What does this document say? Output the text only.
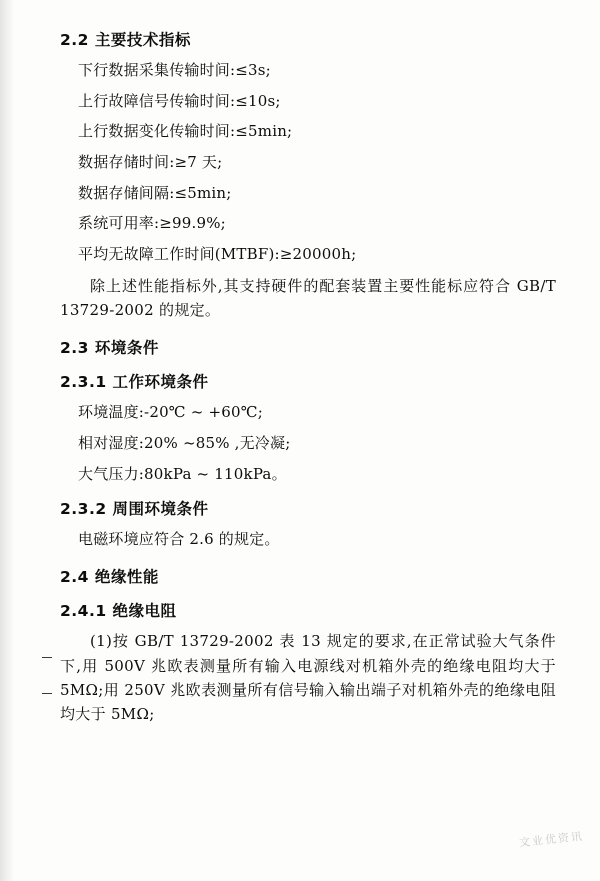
2.2 主要技术指标

下行数据采集传输时间:≤3s;

上行故障信号传输时间:≤10s;

上行数据变化传输时间:≤5min;

数据存储时间:≥7 天;

数据存储间隔:≤5min;

系统可用率:≥99.9%;

平均无故障工作时间(MTBF):≥20000h;

除上述性能指标外,其支持硬件的配套装置主要性能标应符合 GB/T 13729-2002 的规定。

2.3 环境条件
2.3.1 工作环境条件

环境温度:-20℃ ~ +60℃;

相对湿度:20% ~85% ,无冷凝;

大气压力:80kPa ~ 110kPa。

2.3.2 周围环境条件

电磁环境应符合 2.6 的规定。

2.4 绝缘性能
2.4.1 绝缘电阻

(1)按 GB/T 13729-2002 表 13 规定的要求,在正常试验大气条件下,用 500V 兆欧表测量所有输入电源线对机箱外壳的绝缘电阻均大于 5MΩ;用 250V 兆欧表测量所有信号输入输出端子对机箱外壳的绝缘电阻均大于 5MΩ;

文业优资讯
